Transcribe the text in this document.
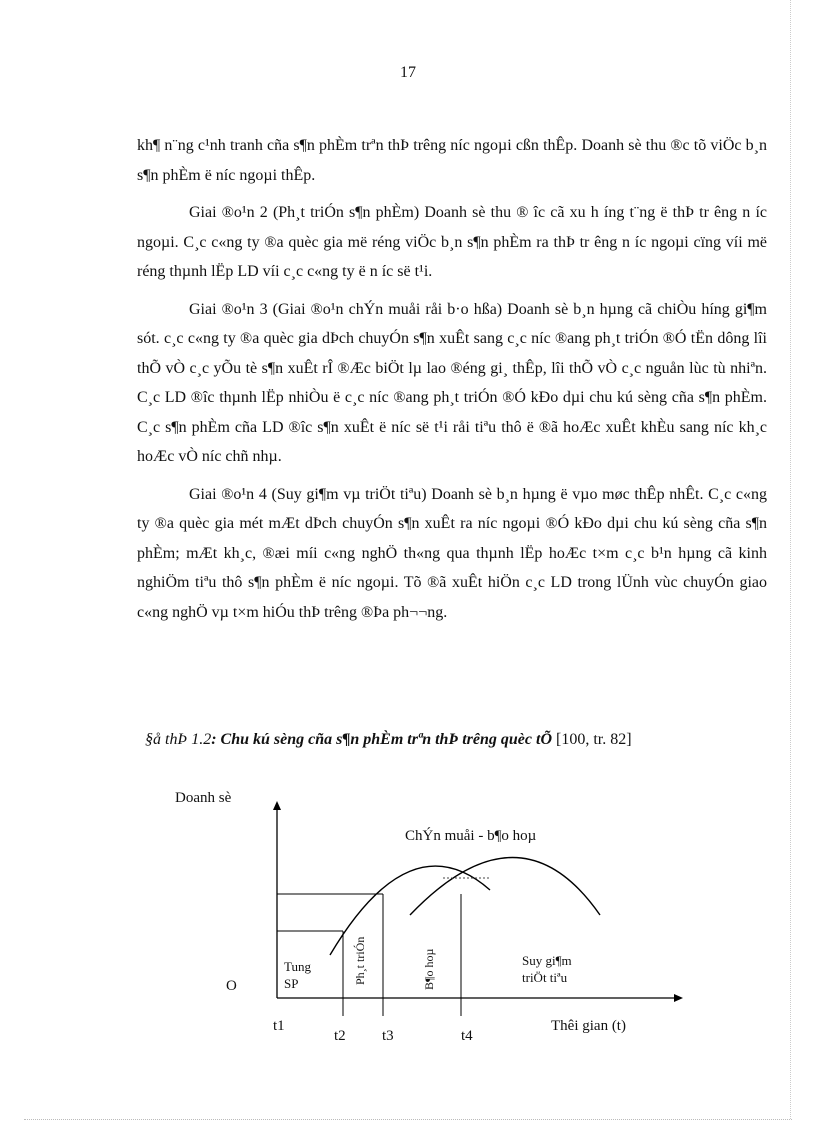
17

kh¶ n¨ng c¹nh tranh cña s¶n phÈm trªn thÞ trêng níc ngoµi cßn thÊp. Doanh sè thu ®c tõ viÖc b¸n s¶n phÈm ë níc ngoµi thÊp.

Giai ®o¹n 2 (Ph¸t triÓn s¶n phÈm) Doanh sè thu ® îc cã xu h íng t¨ng ë thÞ tr êng n íc ngoµi. C¸c c«ng ty ®a quèc gia më réng viÖc b¸n s¶n phÈm ra thÞ tr êng n íc ngoµi cïng víi më réng thµnh lËp LD víi c¸c c«ng ty ë n íc së t¹i.

Giai ®o¹n 3 (Giai ®o¹n chÝn muåi råi b·o hßa) Doanh sè b¸n hµng cã chiÒu híng gi¶m sót. c¸c c«ng ty ®a quèc gia dÞch chuyÓn s¶n xuÊt sang c¸c níc ®ang ph¸t triÓn ®Ó tËn dông lîi thÕ vÒ c¸c yÕu tè s¶n xuÊt rÎ ®Æc biÖt lµ lao ®éng gi¸ thÊp, lîi thÕ vÒ c¸c nguån lùc tù nhiªn. C¸c LD ®îc thµnh lËp nhiÒu ë c¸c níc ®ang ph¸t triÓn ®Ó kÐo dµi chu kú sèng cña s¶n phÈm. C¸c s¶n phÈm cña LD ®îc s¶n xuÊt ë níc së t¹i råi tiªu thô ë ®ã hoÆc xuÊt khÈu sang níc kh¸c hoÆc vÒ níc chñ nhµ.

Giai ®o¹n 4 (Suy gi¶m vµ triÖt tiªu) Doanh sè b¸n hµng ë vµo møc thÊp nhÊt. C¸c c«ng ty ®a quèc gia mét mÆt dÞch chuyÓn s¶n xuÊt ra níc ngoµi ®Ó kÐo dµi chu kú sèng cña s¶n phÈm; mÆt kh¸c, ®æi míi c«ng nghÖ th«ng qua thµnh lËp hoÆc t×m c¸c b¹n hµng cã kinh nghiÖm tiªu thô s¶n phÈm ë níc ngoµi. Tõ ®ã xuÊt hiÖn c¸c LD trong lÜnh vùc chuyÓn giao c«ng nghÖ vµ t×m hiÓu thÞ trêng ®Þa ph¬¬ng.

§å thÞ 1.2: Chu kú sèng cña s¶n phÈm trªn thÞ trêng quèc tÕ [100, tr. 82]
Doanh sè
ChÝn muåi - b¶o hoµ
O
Tung
SP	Ph¸t triÓn	B¶o hoµ	Suy gi¶m
triÖt tiªu
t1
t2 t3	t4
Thêi gian (t)
